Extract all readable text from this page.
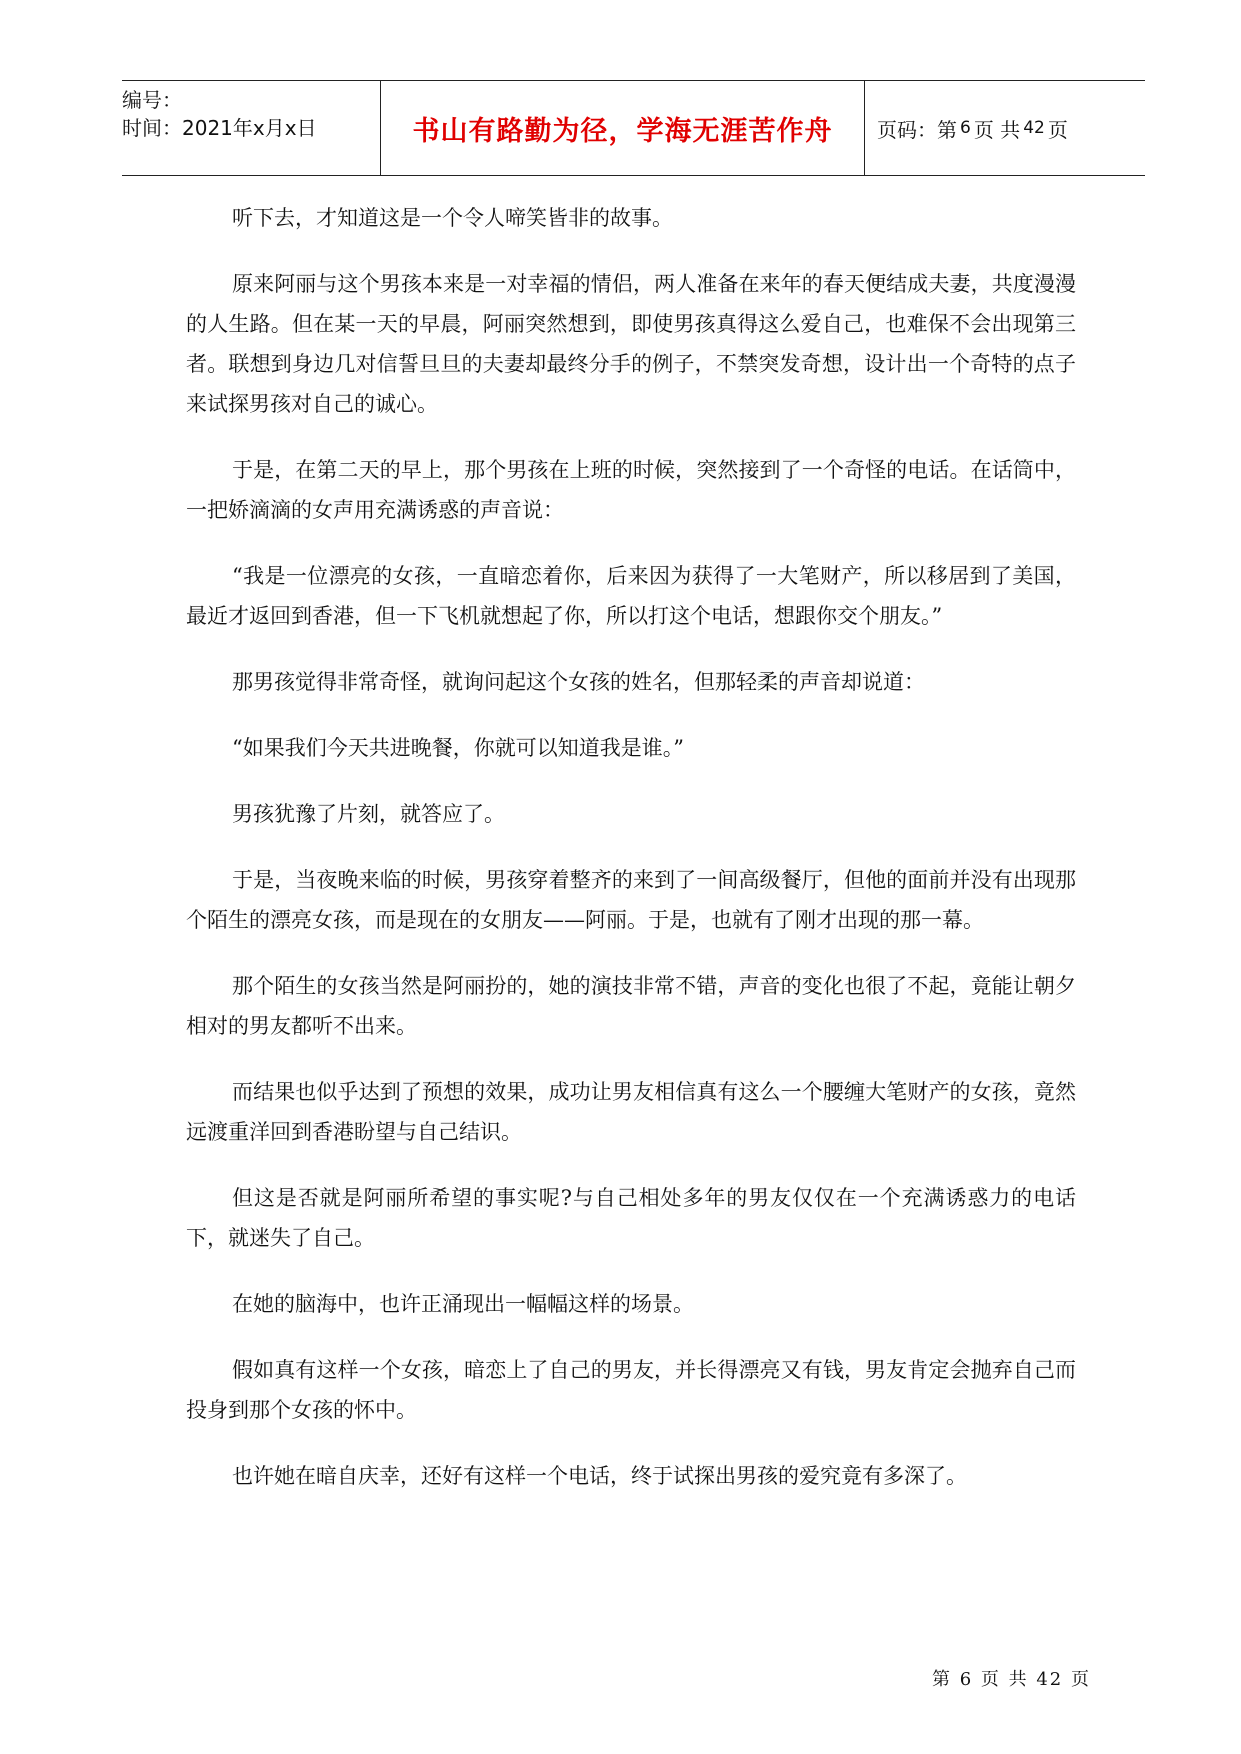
编号：
时间：2021年x月x日	书山有路勤为径，学海无涯苦作舟	页码：第 6 页 共 42 页

听下去，才知道这是一个令人啼笑皆非的故事。

原来阿丽与这个男孩本来是一对幸福的情侣，两人准备在来年的春天便结成夫妻，共度漫漫的人生路。但在某一天的早晨，阿丽突然想到，即使男孩真得这么爱自己，也难保不会出现第三者。联想到身边几对信誓旦旦的夫妻却最终分手的例子，不禁突发奇想，设计出一个奇特的点子来试探男孩对自己的诚心。

于是，在第二天的早上，那个男孩在上班的时候，突然接到了一个奇怪的电话。在话筒中，一把娇滴滴的女声用充满诱惑的声音说：

“我是一位漂亮的女孩，一直暗恋着你，后来因为获得了一大笔财产，所以移居到了美国，最近才返回到香港，但一下飞机就想起了你，所以打这个电话，想跟你交个朋友。”

那男孩觉得非常奇怪，就询问起这个女孩的姓名，但那轻柔的声音却说道：

“如果我们今天共进晚餐，你就可以知道我是谁。”

男孩犹豫了片刻，就答应了。

于是，当夜晚来临的时候，男孩穿着整齐的来到了一间高级餐厅，但他的面前并没有出现那个陌生的漂亮女孩，而是现在的女朋友——阿丽。于是，也就有了刚才出现的那一幕。

那个陌生的女孩当然是阿丽扮的，她的演技非常不错，声音的变化也很了不起，竟能让朝夕相对的男友都听不出来。

而结果也似乎达到了预想的效果，成功让男友相信真有这么一个腰缠大笔财产的女孩，竟然远渡重洋回到香港盼望与自己结识。

但这是否就是阿丽所希望的事实呢?与自己相处多年的男友仅仅在一个充满诱惑力的电话下，就迷失了自己。

在她的脑海中，也许正涌现出一幅幅这样的场景。

假如真有这样一个女孩，暗恋上了自己的男友，并长得漂亮又有钱，男友肯定会抛弃自己而投身到那个女孩的怀中。

也许她在暗自庆幸，还好有这样一个电话，终于试探出男孩的爱究竟有多深了。

第 6 页 共 42 页
